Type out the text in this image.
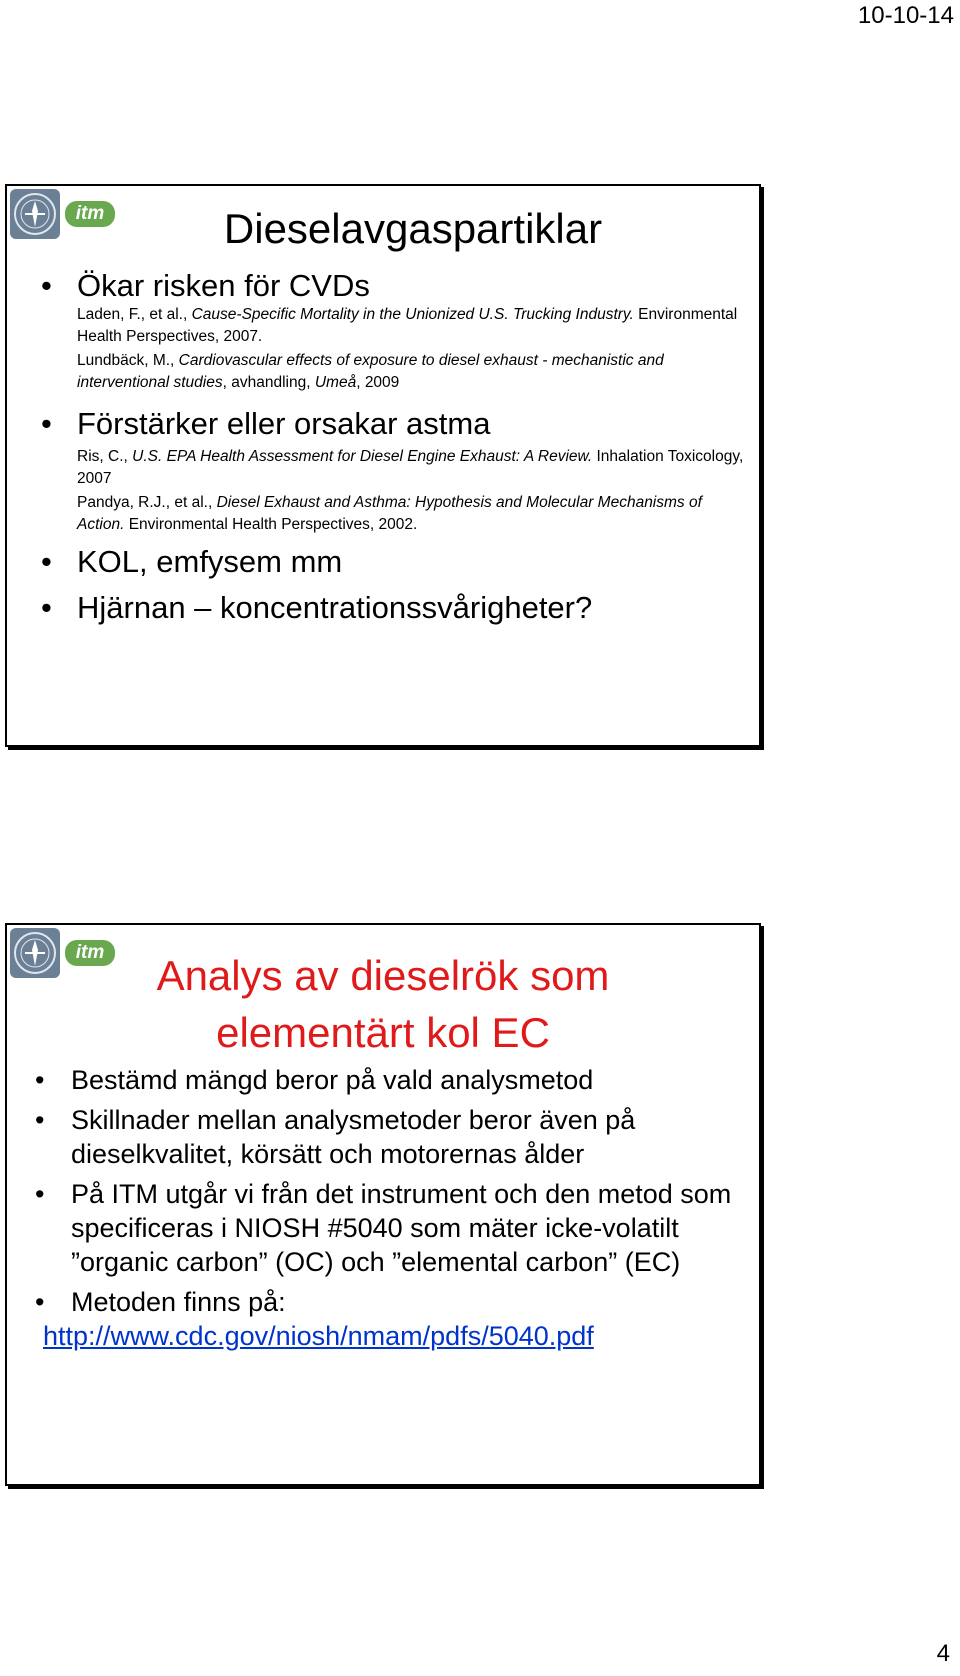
10-10-14
itm	Dieselavgaspartiklar
• Ökar risken för CVDs
Laden, F., et al., Cause-Specific Mortality in the Unionized U.S. Trucking Industry. Environmental Health Perspectives, 2007.
Lundbäck, M., Cardiovascular effects of exposure to diesel exhaust - mechanistic and interventional studies, avhandling, Umeå, 2009
• Förstärker eller orsakar astma
Ris, C., U.S. EPA Health Assessment for Diesel Engine Exhaust: A Review. Inhalation Toxicology, 2007
Pandya, R.J., et al., Diesel Exhaust and Asthma: Hypothesis and Molecular Mechanisms of Action. Environmental Health Perspectives, 2002.
• KOL, emfysem mm
• Hjärnan – koncentrationssvårigheter?
itm	Analys av dieselrök som
elementärt kol EC
• Bestämd mängd beror på vald analysmetod
• Skillnader mellan analysmetoder beror även på dieselkvalitet, körsätt och motorernas ålder
• På ITM utgår vi från det instrument och den metod som specificeras i NIOSH #5040 som mäter icke-volatilt ”organic carbon” (OC) och ”elemental carbon” (EC)
• Metoden finns på:
http://www.cdc.gov/niosh/nmam/pdfs/5040.pdf
4
